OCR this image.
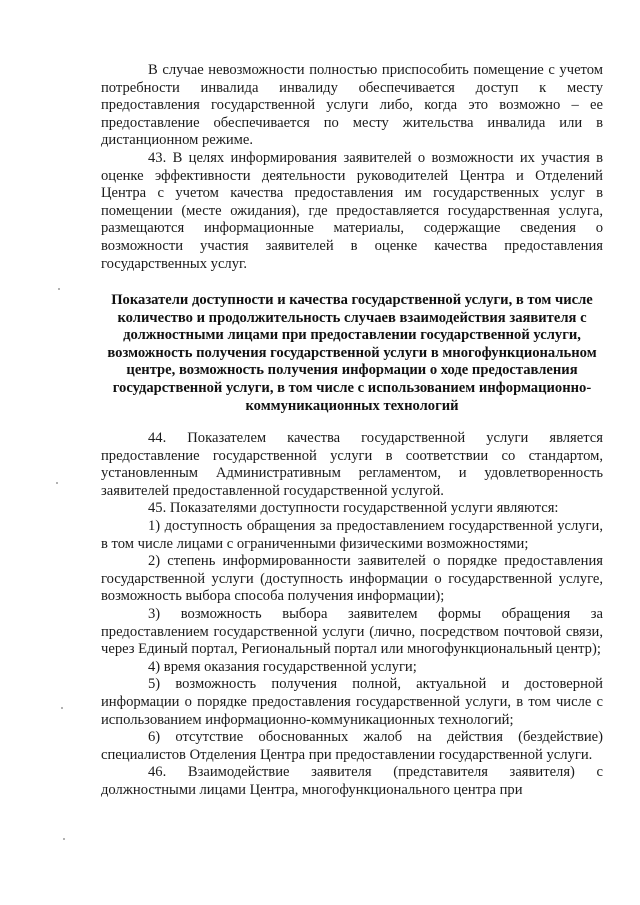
В случае невозможности полностью приспособить помещение с учетом потребности инвалида инвалиду обеспечивается доступ к месту предоставления государственной услуги либо, когда это возможно – ее предоставление обеспечивается по месту жительства инвалида или в дистанционном режиме.

43. В целях информирования заявителей о возможности их участия в оценке эффективности деятельности руководителей Центра и Отделений Центра с учетом качества предоставления им государственных услуг в помещении (месте ожидания), где предоставляется государственная услуга, размещаются информационные материалы, содержащие сведения о возможности участия заявителей в оценке качества предоставления государственных услуг.

Показатели доступности и качества государственной услуги, в том числе количество и продолжительность случаев взаимодействия заявителя с должностными лицами при предоставлении государственной услуги, возможность получения государственной услуги в многофункциональном центре, возможность получения информации о ходе предоставления государственной услуги, в том числе с использованием информационно-коммуникационных технологий

44. Показателем качества государственной услуги является предоставление государственной услуги в соответствии со стандартом, установленным Административным регламентом, и удовлетворенность заявителей предоставленной государственной услугой.

45. Показателями доступности государственной услуги являются:

1) доступность обращения за предоставлением государственной услуги, в том числе лицами с ограниченными физическими возможностями;

2) степень информированности заявителей о порядке предоставления государственной услуги (доступность информации о государственной услуге, возможность выбора способа получения информации);

3) возможность выбора заявителем формы обращения за предоставлением государственной услуги (лично, посредством почтовой связи, через Единый портал, Региональный портал или многофункциональный центр);

4) время оказания государственной услуги;

5) возможность получения полной, актуальной и достоверной информации о порядке предоставления государственной услуги, в том числе с использованием информационно-коммуникационных технологий;

6) отсутствие обоснованных жалоб на действия (бездействие) специалистов Отделения Центра при предоставлении государственной услуги.

46. Взаимодействие заявителя (представителя заявителя) с должностными лицами Центра, многофункционального центра при
